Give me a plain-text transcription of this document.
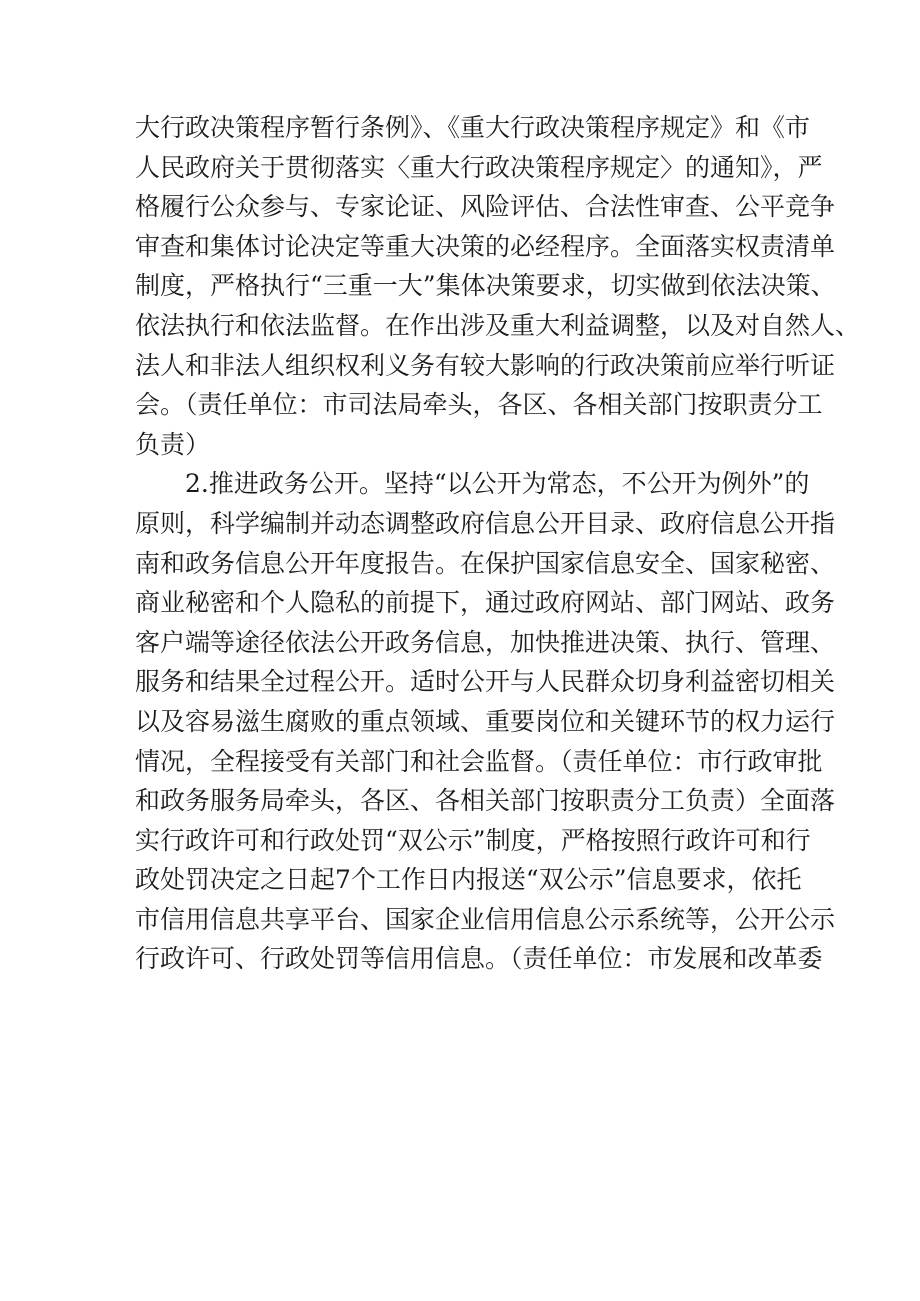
大行政决策程序暂行条例》、《重大行政决策程序规定》和《市
人民政府关于贯彻落实〈重大行政决策程序规定〉的通知》，严
格履行公众参与、专家论证、风险评估、合法性审查、公平竞争
审查和集体讨论决定等重大决策的必经程序。全面落实权责清单
制度，严格执行“三重一大”集体决策要求，切实做到依法决策、
依法执行和依法监督。在作出涉及重大利益调整，以及对自然人、
法人和非法人组织权利义务有较大影响的行政决策前应举行听证
会。（责任单位：市司法局牵头，各区、各相关部门按职责分工
负责）
2.推进政务公开。坚持“以公开为常态，不公开为例外”的
原则，科学编制并动态调整政府信息公开目录、政府信息公开指
南和政务信息公开年度报告。在保护国家信息安全、国家秘密、
商业秘密和个人隐私的前提下，通过政府网站、部门网站、政务
客户端等途径依法公开政务信息，加快推进决策、执行、管理、
服务和结果全过程公开。适时公开与人民群众切身利益密切相关
以及容易滋生腐败的重点领域、重要岗位和关键环节的权力运行
情况，全程接受有关部门和社会监督。（责任单位：市行政审批
和政务服务局牵头，各区、各相关部门按职责分工负责）全面落
实行政许可和行政处罚“双公示”制度，严格按照行政许可和行
政处罚决定之日起7个工作日内报送“双公示”信息要求，依托
市信用信息共享平台、国家企业信用信息公示系统等，公开公示
行政许可、行政处罚等信用信息。（责任单位：市发展和改革委
